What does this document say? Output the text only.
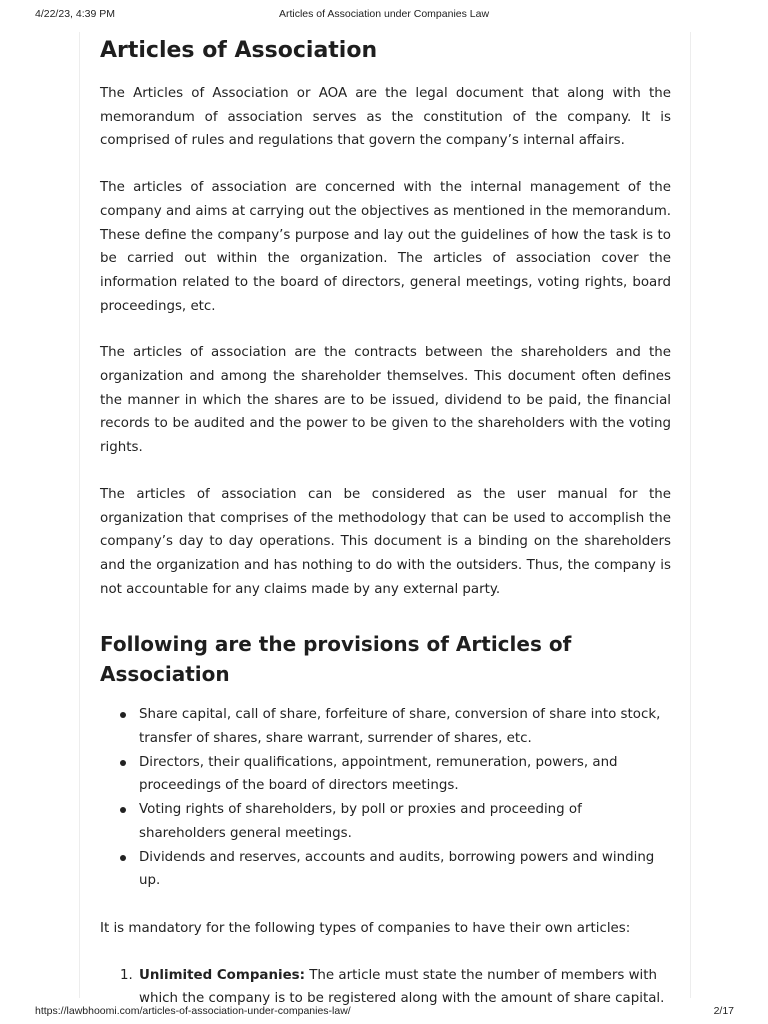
4/22/23, 4:39 PM	Articles of Association under Companies Law
Articles of Association

The Articles of Association or AOA are the legal document that along with the memorandum of association serves as the constitution of the company. It is comprised of rules and regulations that govern the company’s internal affairs.

The articles of association are concerned with the internal management of the company and aims at carrying out the objectives as mentioned in the memorandum. These define the company’s purpose and lay out the guidelines of how the task is to be carried out within the organization. The articles of association cover the information related to the board of directors, general meetings, voting rights, board proceedings, etc.

The articles of association are the contracts between the shareholders and the organization and among the shareholder themselves. This document often defines the manner in which the shares are to be issued, dividend to be paid, the financial records to be audited and the power to be given to the shareholders with the voting rights.

The articles of association can be considered as the user manual for the organization that comprises of the methodology that can be used to accomplish the company’s day to day operations. This document is a binding on the shareholders and the organization and has nothing to do with the outsiders. Thus, the company is not accountable for any claims made by any external party.

Following are the provisions of Articles of Association
Share capital, call of share, forfeiture of share, conversion of share into stock, transfer of shares, share warrant, surrender of shares, etc.
Directors, their qualifications, appointment, remuneration, powers, and proceedings of the board of directors meetings.
Voting rights of shareholders, by poll or proxies and proceeding of shareholders general meetings.
Dividends and reserves, accounts and audits, borrowing powers and winding up.

It is mandatory for the following types of companies to have their own articles:

1. Unlimited Companies: The article must state the number of members with which the company is to be registered along with the amount of share capital.
https://lawbhoomi.com/articles-of-association-under-companies-law/	2/17
